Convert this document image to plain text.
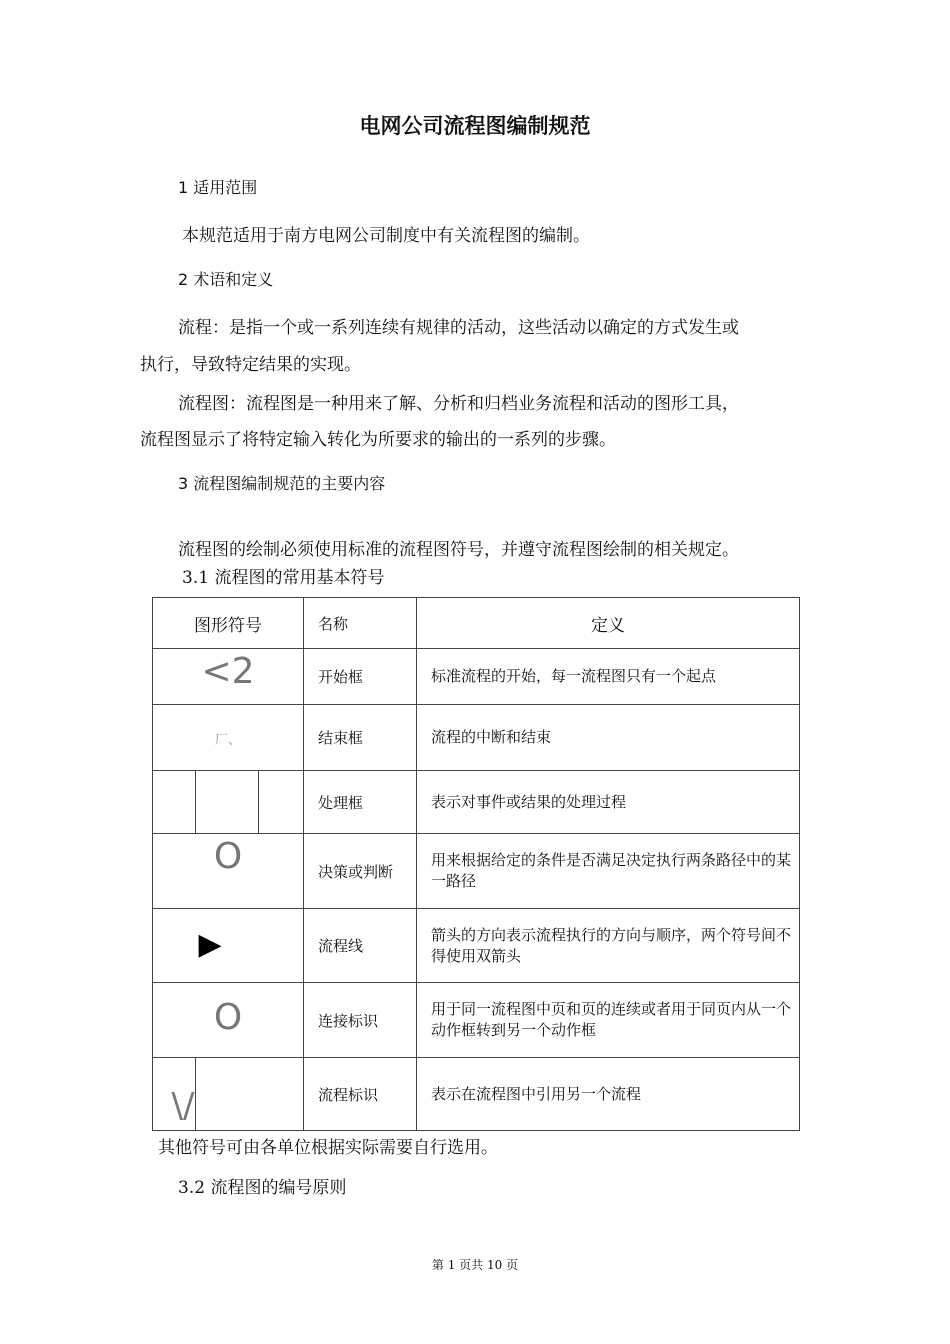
电网公司流程图编制规范
1 适用范围
本规范适用于南方电网公司制度中有关流程图的编制。
2 术语和定义
流程：是指一个或一系列连续有规律的活动，这些活动以确定的方式发生或
执行，导致特定结果的实现。
流程图：流程图是一种用来了解、分析和归档业务流程和活动的图形工具，
流程图显示了将特定输入转化为所要求的输出的一系列的步骤。
3 流程图编制规范的主要内容
流程图的绘制必须使用标准的流程图符号，并遵守流程图绘制的相关规定。
3.1 流程图的常用基本符号
图形符号	名称	定义

<2	开始框	标准流程的开始，每一流程图只有一个起点

厂、	结束框	流程的中断和结束

	处理框	表示对事件或结果的处理过程

O	决策或判断	用来根据给定的条件是否满足决定执行两条路径中的某一路径

▶	流程线	箭头的方向表示流程执行的方向与顺序，两个符号间不得使用双箭头

O	连接标识	用于同一流程图中页和页的连续或者用于同页内从一个动作框转到另一个动作框

\/	流程标识	表示在流程图中引用另一个流程
其他符号可由各单位根据实际需要自行选用。
3.2 流程图的编号原则
第 1 页共 10 页
